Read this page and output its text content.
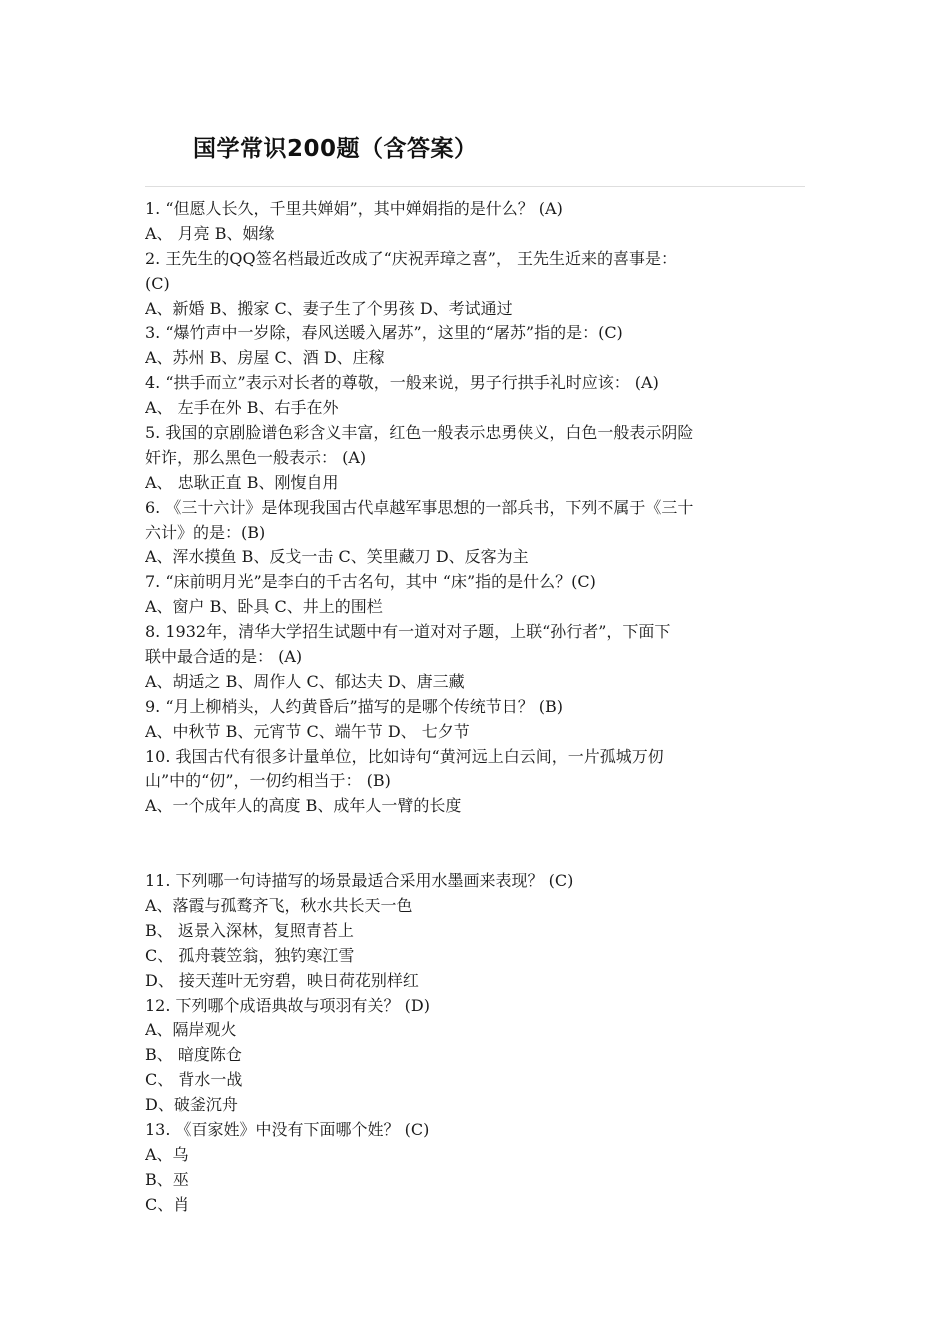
国学常识200题（含答案）
1. “但愿人长久，千里共婵娟”，其中婵娟指的是什么？ (A)
A、 月亮 B、姻缘
2. 王先生的QQ签名档最近改成了“庆祝弄璋之喜”， 王先生近来的喜事是：
(C)
A、新婚 B、搬家 C、妻子生了个男孩 D、考试通过
3. “爆竹声中一岁除，春风送暖入屠苏”，这里的“屠苏”指的是：(C)
A、苏州 B、房屋 C、酒 D、庄稼
4. “拱手而立”表示对长者的尊敬，一般来说，男子行拱手礼时应该： (A)
A、 左手在外 B、右手在外
5. 我国的京剧脸谱色彩含义丰富，红色一般表示忠勇侠义，白色一般表示阴险
奸诈，那么黑色一般表示： (A)
A、 忠耿正直 B、刚愎自用
6. 《三十六计》是体现我国古代卓越军事思想的一部兵书，下列不属于《三十
六计》的是：(B)
A、浑水摸鱼 B、反戈一击 C、笑里藏刀 D、反客为主
7. “床前明月光”是李白的千古名句，其中 “床”指的是什么？(C)
A、窗户 B、卧具 C、井上的围栏
8. 1932年，清华大学招生试题中有一道对对子题，上联“孙行者”，下面下
联中最合适的是： (A)
A、胡适之 B、周作人 C、郁达夫 D、唐三藏
9. “月上柳梢头，人约黄昏后”描写的是哪个传统节日？ (B)
A、中秋节 B、元宵节 C、端午节 D、 七夕节
10. 我国古代有很多计量单位，比如诗句“黄河远上白云间，一片孤城万仞
山”中的“仞”，一仞约相当于： (B)
A、一个成年人的高度 B、成年人一臂的长度
11. 下列哪一句诗描写的场景最适合采用水墨画来表现？ (C)
A、落霞与孤鹜齐飞，秋水共长天一色
B、 返景入深林，复照青苔上
C、 孤舟蓑笠翁，独钓寒江雪
D、 接天莲叶无穷碧，映日荷花别样红
12. 下列哪个成语典故与项羽有关？ (D)
A、隔岸观火
B、 暗度陈仓
C、 背水一战
D、破釜沉舟
13. 《百家姓》中没有下面哪个姓？ (C)
A、乌
B、巫
C、肖
